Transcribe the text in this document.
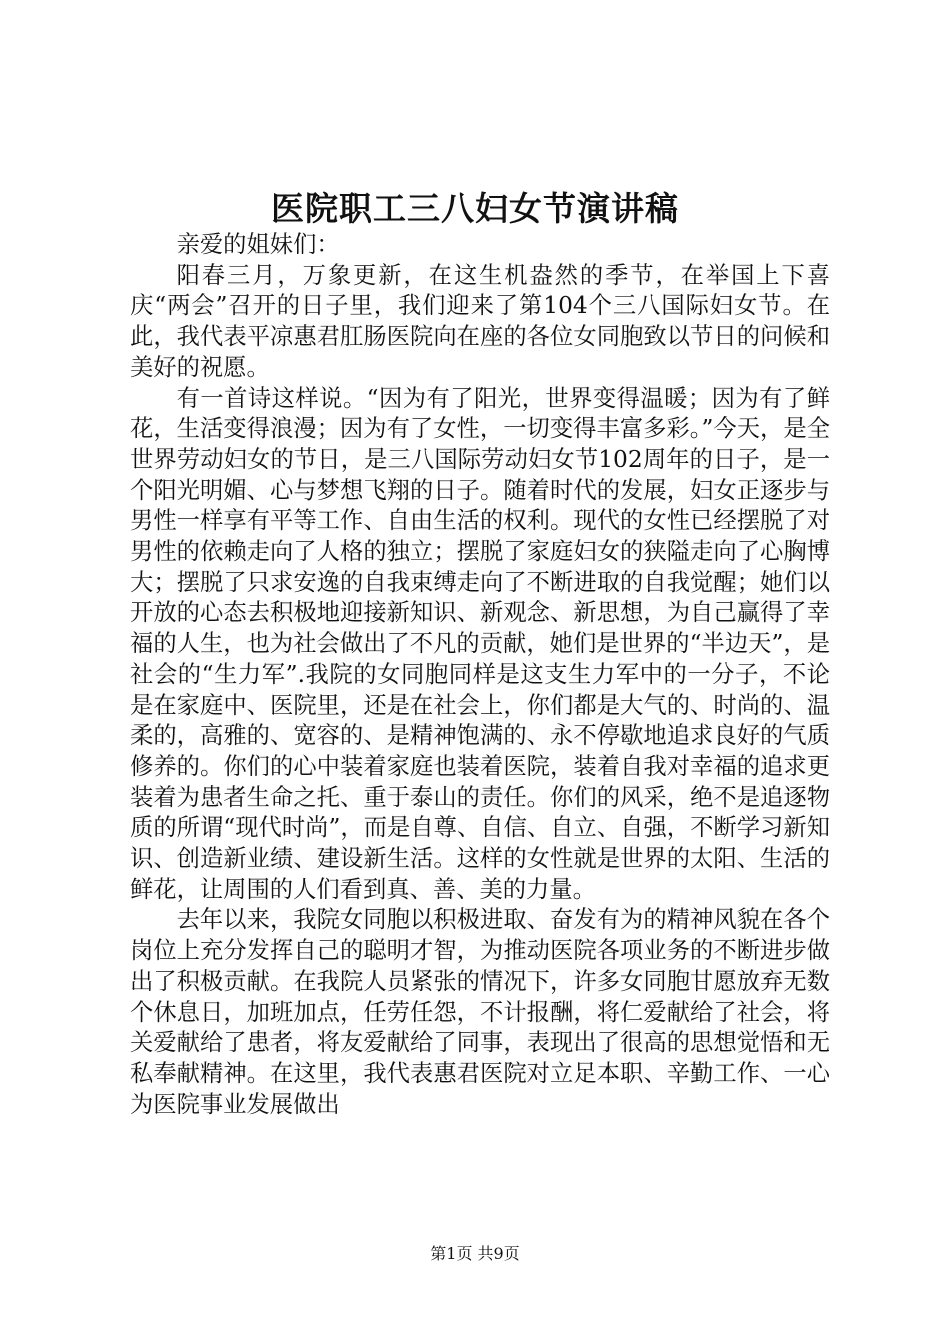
医院职工三八妇女节演讲稿

亲爱的姐妹们：

阳春三月，万象更新，在这生机盎然的季节，在举国上下喜庆“两会”召开的日子里，我们迎来了第104个三八国际妇女节。在此，我代表平凉惠君肛肠医院向在座的各位女同胞致以节日的问候和美好的祝愿。

有一首诗这样说。“因为有了阳光，世界变得温暖；因为有了鲜花，生活变得浪漫；因为有了女性，一切变得丰富多彩。”今天，是全世界劳动妇女的节日，是三八国际劳动妇女节102周年的日子，是一个阳光明媚、心与梦想飞翔的日子。随着时代的发展，妇女正逐步与男性一样享有平等工作、自由生活的权利。现代的女性已经摆脱了对男性的依赖走向了人格的独立；摆脱了家庭妇女的狭隘走向了心胸博大；摆脱了只求安逸的自我束缚走向了不断进取的自我觉醒；她们以开放的心态去积极地迎接新知识、新观念、新思想，为自己赢得了幸福的人生，也为社会做出了不凡的贡献，她们是世界的“半边天”，是社会的“生力军”.我院的女同胞同样是这支生力军中的一分子，不论是在家庭中、医院里，还是在社会上，你们都是大气的、时尚的、温柔的，高雅的、宽容的、是精神饱满的、永不停歇地追求良好的气质修养的。你们的心中装着家庭也装着医院，装着自我对幸福的追求更装着为患者生命之托、重于泰山的责任。你们的风采，绝不是追逐物质的所谓“现代时尚”，而是自尊、自信、自立、自强，不断学习新知识、创造新业绩、建设新生活。这样的女性就是世界的太阳、生活的鲜花，让周围的人们看到真、善、美的力量。

去年以来，我院女同胞以积极进取、奋发有为的精神风貌在各个岗位上充分发挥自己的聪明才智，为推动医院各项业务的不断进步做出了积极贡献。在我院人员紧张的情况下，许多女同胞甘愿放弃无数个休息日，加班加点，任劳任怨，不计报酬，将仁爱献给了社会，将关爱献给了患者，将友爱献给了同事，表现出了很高的思想觉悟和无私奉献精神。在这里，我代表惠君医院对立足本职、辛勤工作、一心为医院事业发展做出

第1页 共9页
